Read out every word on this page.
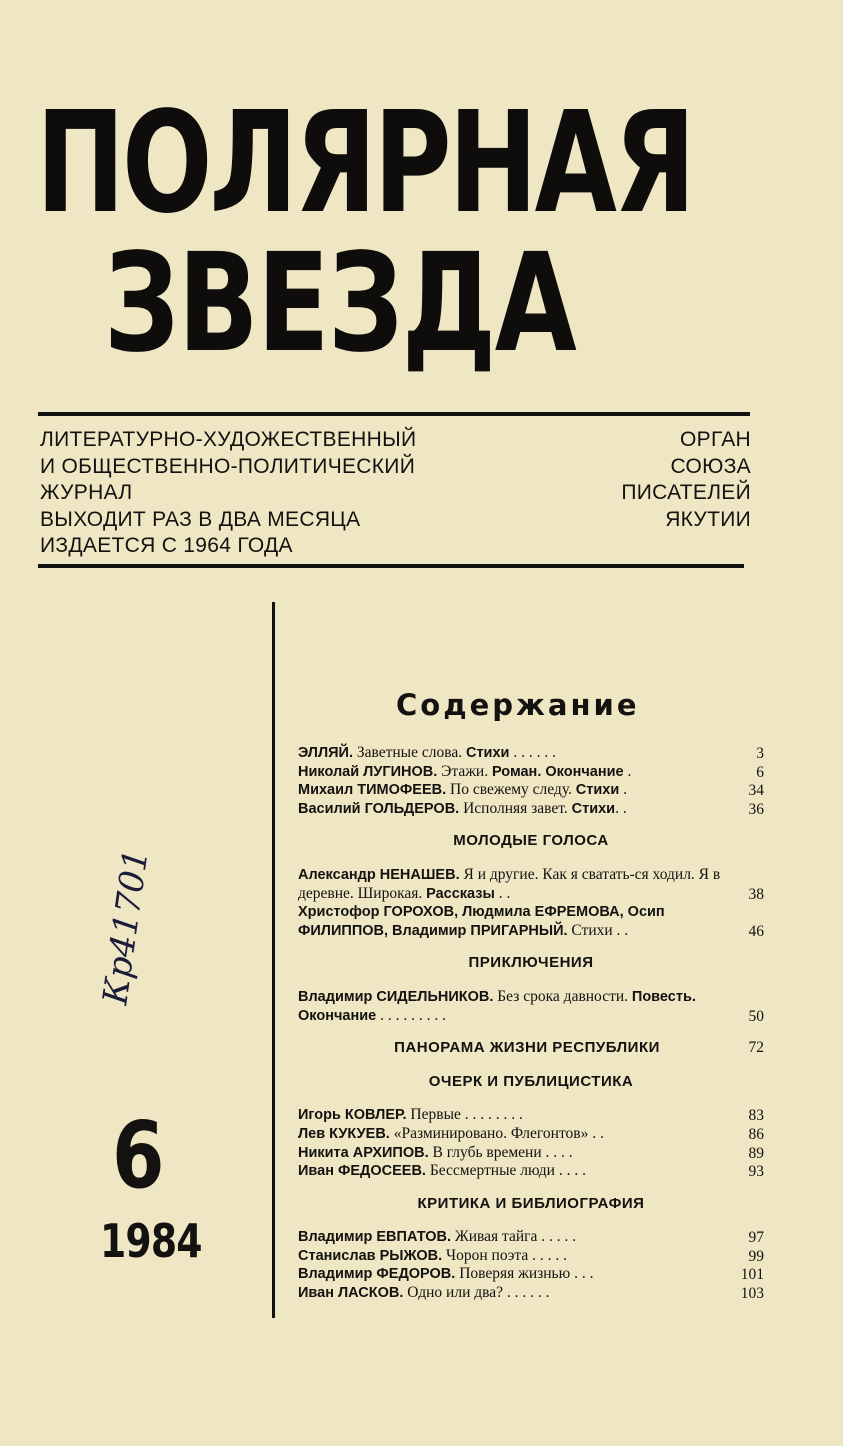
ПОЛЯРНАЯ
ЗВЕЗДА
ЛИТЕРАТУРНО-ХУДОЖЕСТВЕННЫЙ
И ОБЩЕСТВЕННО-ПОЛИТИЧЕСКИЙ
ЖУРНАЛ
ВЫХОДИТ РАЗ В ДВА МЕСЯЦА
ИЗДАЕТСЯ С 1964 ГОДА
ОРГАН
СОЮЗА
ПИСАТЕЛЕЙ
ЯКУТИИ
Кр41701
6
1984
Содержание
ЭЛЛЯЙ. Заветные слова. Стихи . . . . . .	3
Николай ЛУГИНОВ. Этажи. Роман. Окончание .	6
Михаил ТИМОФЕЕВ. По свежему следу. Стихи .	34
Василий ГОЛЬДЕРОВ. Исполняя завет. Стихи. .	36
МОЛОДЫЕ ГОЛОСА
Александр НЕНАШЕВ. Я и другие. Как я сватать-ся ходил. Я в деревне. Широкая. Рассказы . .	38
Христофор ГОРОХОВ, Людмила ЕФРЕМОВА, Осип ФИЛИППОВ, Владимир ПРИГАРНЫЙ. Стихи . .	46
ПРИКЛЮЧЕНИЯ
Владимир СИДЕЛЬНИКОВ. Без срока давности. Повесть. Окончание . . . . . . . . .	50
ПАНОРАМА ЖИЗНИ РЕСПУБЛИКИ	72
ОЧЕРК И ПУБЛИЦИСТИКА
Игорь КОВЛЕР. Первые . . . . . . . .	83
Лев КУКУЕВ. «Разминировано. Флегонтов» . .	86
Никита АРХИПОВ. В глубь времени . . . .	89
Иван ФЕДОСЕЕВ. Бессмертные люди . . . .	93
КРИТИКА И БИБЛИОГРАФИЯ
Владимир ЕВПАТОВ. Живая тайга . . . . .	97
Станислав РЫЖОВ. Чорон поэта . . . . .	99
Владимир ФЕДОРОВ. Поверяя жизнью . . .	101
Иван ЛАСКОВ. Одно или два? . . . . . .	103
